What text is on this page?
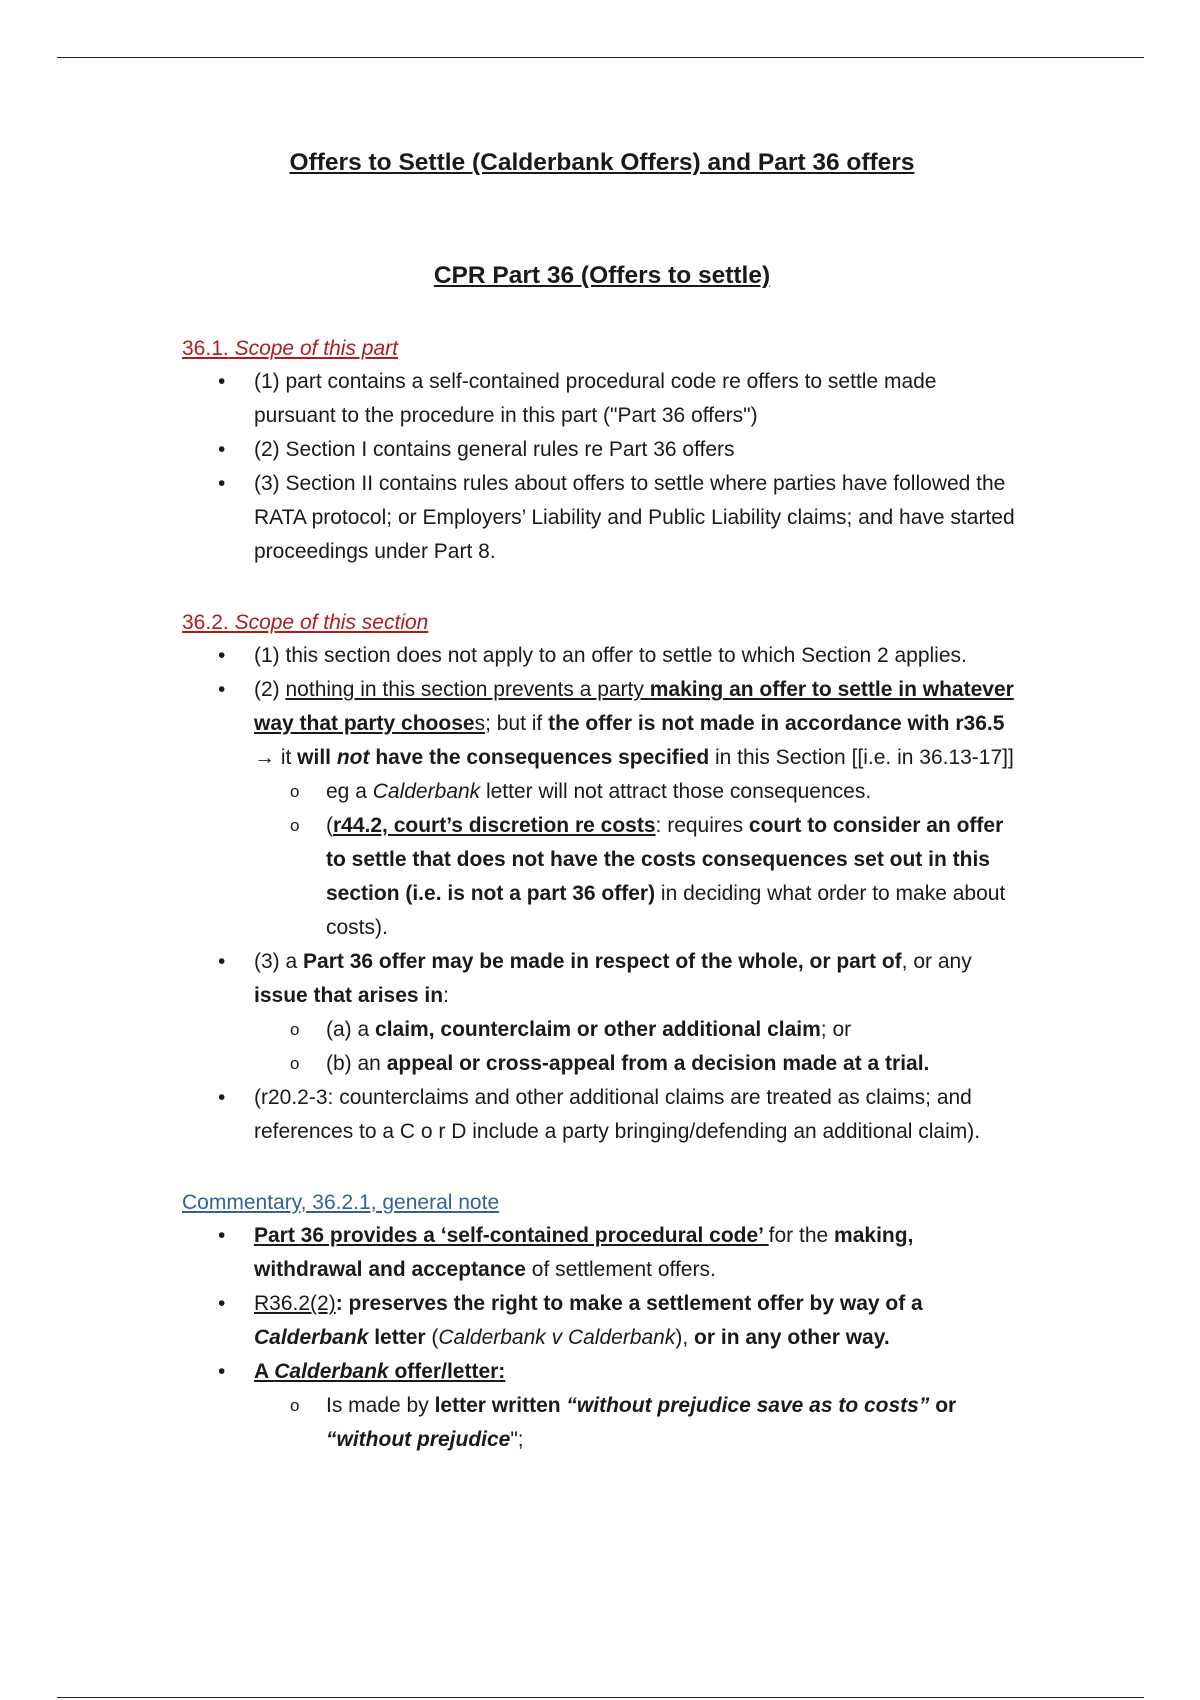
Offers to Settle (Calderbank Offers) and Part 36 offers
CPR Part 36 (Offers to settle)

36.1. Scope of this part

• (1) part contains a self-contained procedural code re offers to settle made pursuant to the procedure in this part ("Part 36 offers")
• (2) Section I contains general rules re Part 36 offers
• (3) Section II contains rules about offers to settle where parties have followed the RATA protocol; or Employers’ Liability and Public Liability claims; and have started proceedings under Part 8.

36.2. Scope of this section

• (1) this section does not apply to an offer to settle to which Section 2 applies.
• (2) nothing in this section prevents a party making an offer to settle in whatever way that party chooses; but if the offer is not made in accordance with r36.5 → it will not have the consequences specified in this Section [[i.e. in 36.13-17]]
o eg a Calderbank letter will not attract those consequences.
o (r44.2, court’s discretion re costs: requires court to consider an offer to settle that does not have the costs consequences set out in this section (i.e. is not a part 36 offer) in deciding what order to make about costs).
• (3) a Part 36 offer may be made in respect of the whole, or part of, or any issue that arises in:
o (a) a claim, counterclaim or other additional claim; or
o (b) an appeal or cross-appeal from a decision made at a trial.
• (r20.2-3: counterclaims and other additional claims are treated as claims; and references to a C o r D include a party bringing/defending an additional claim).

Commentary, 36.2.1, general note

• Part 36 provides a ‘self-contained procedural code’ for the making, withdrawal and acceptance of settlement offers.
• R36.2(2): preserves the right to make a settlement offer by way of a Calderbank letter (Calderbank v Calderbank), or in any other way.
• A Calderbank offer/letter:
o Is made by letter written “without prejudice save as to costs” or “without prejudice";
